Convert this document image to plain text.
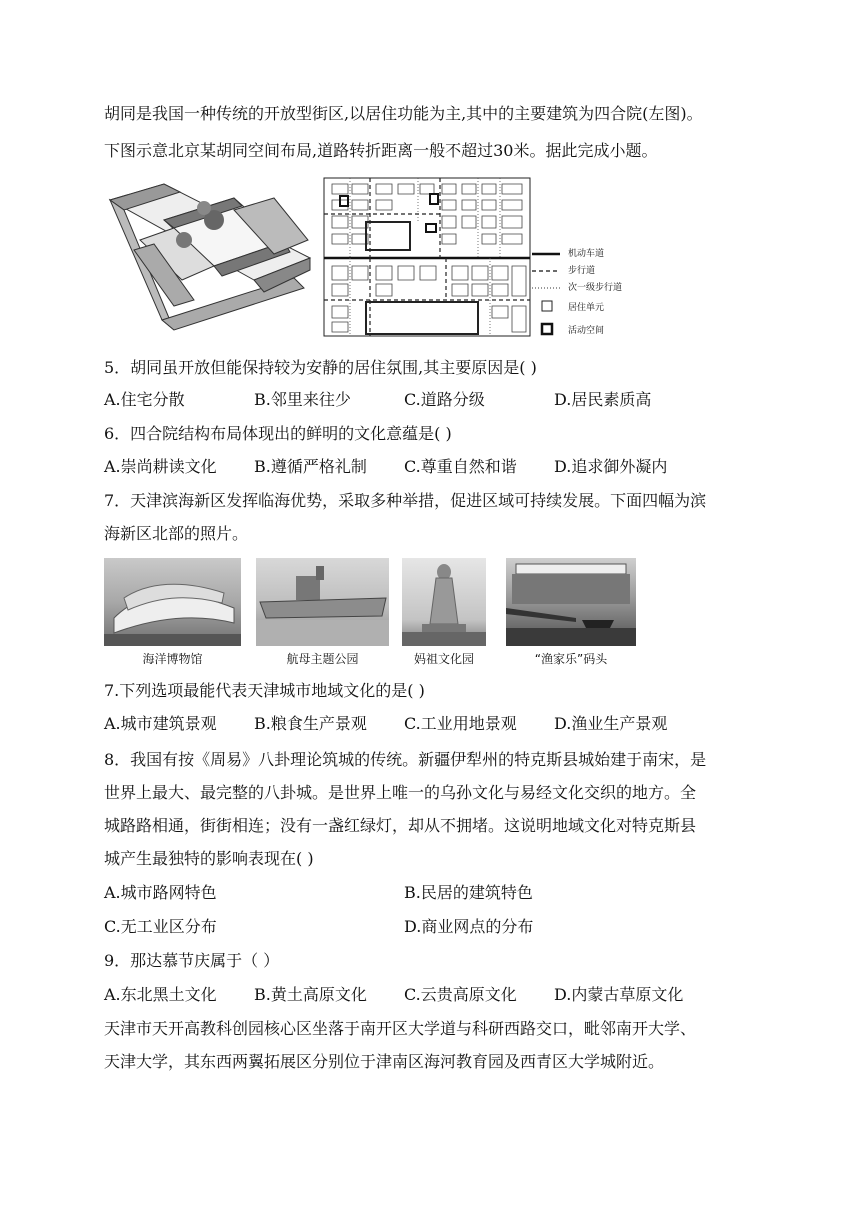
胡同是我国一种传统的开放型街区,以居住功能为主,其中的主要建筑为四合院(左图)。
下图示意北京某胡同空间布局,道路转折距离一般不超过30米。据此完成小题。
机动车道
步行道
次一级步行道
居住单元
活动空间
5．胡同虽开放但能保持较为安静的居住氛围,其主要原因是( )
A.住宅分散	B.邻里来往少	C.道路分级	D.居民素质高
6．四合院结构布局体现出的鲜明的文化意蕴是( )
A.崇尚耕读文化 B.遵循严格礼制 C.尊重自然和谐 D.追求御外凝内
7．天津滨海新区发挥临海优势，采取多种举措，促进区域可持续发展。下面四幅为滨
海新区北部的照片。
海洋博物馆	航母主题公园	妈祖文化园	“渔家乐”码头
7.下列选项最能代表天津城市地域文化的是( )
A.城市建筑景观 B.粮食生产景观 C.工业用地景观 D.渔业生产景观
8．我国有按《周易》八卦理论筑城的传统。新疆伊犁州的特克斯县城始建于南宋，是
世界上最大、最完整的八卦城。是世界上唯一的乌孙文化与易经文化交织的地方。全
城路路相通，街街相连；没有一盏红绿灯，却从不拥堵。这说明地域文化对特克斯县
城产生最独特的影响表现在( )
A.城市路网特色	B.民居的建筑特色
C.无工业区分布	D.商业网点的分布
9．那达慕节庆属于（ ）
A.东北黑土文化 B.黄土高原文化 C.云贵高原文化 D.内蒙古草原文化
天津市天开高教科创园核心区坐落于南开区大学道与科研西路交口，毗邻南开大学、
天津大学，其东西两翼拓展区分别位于津南区海河教育园及西青区大学城附近。
